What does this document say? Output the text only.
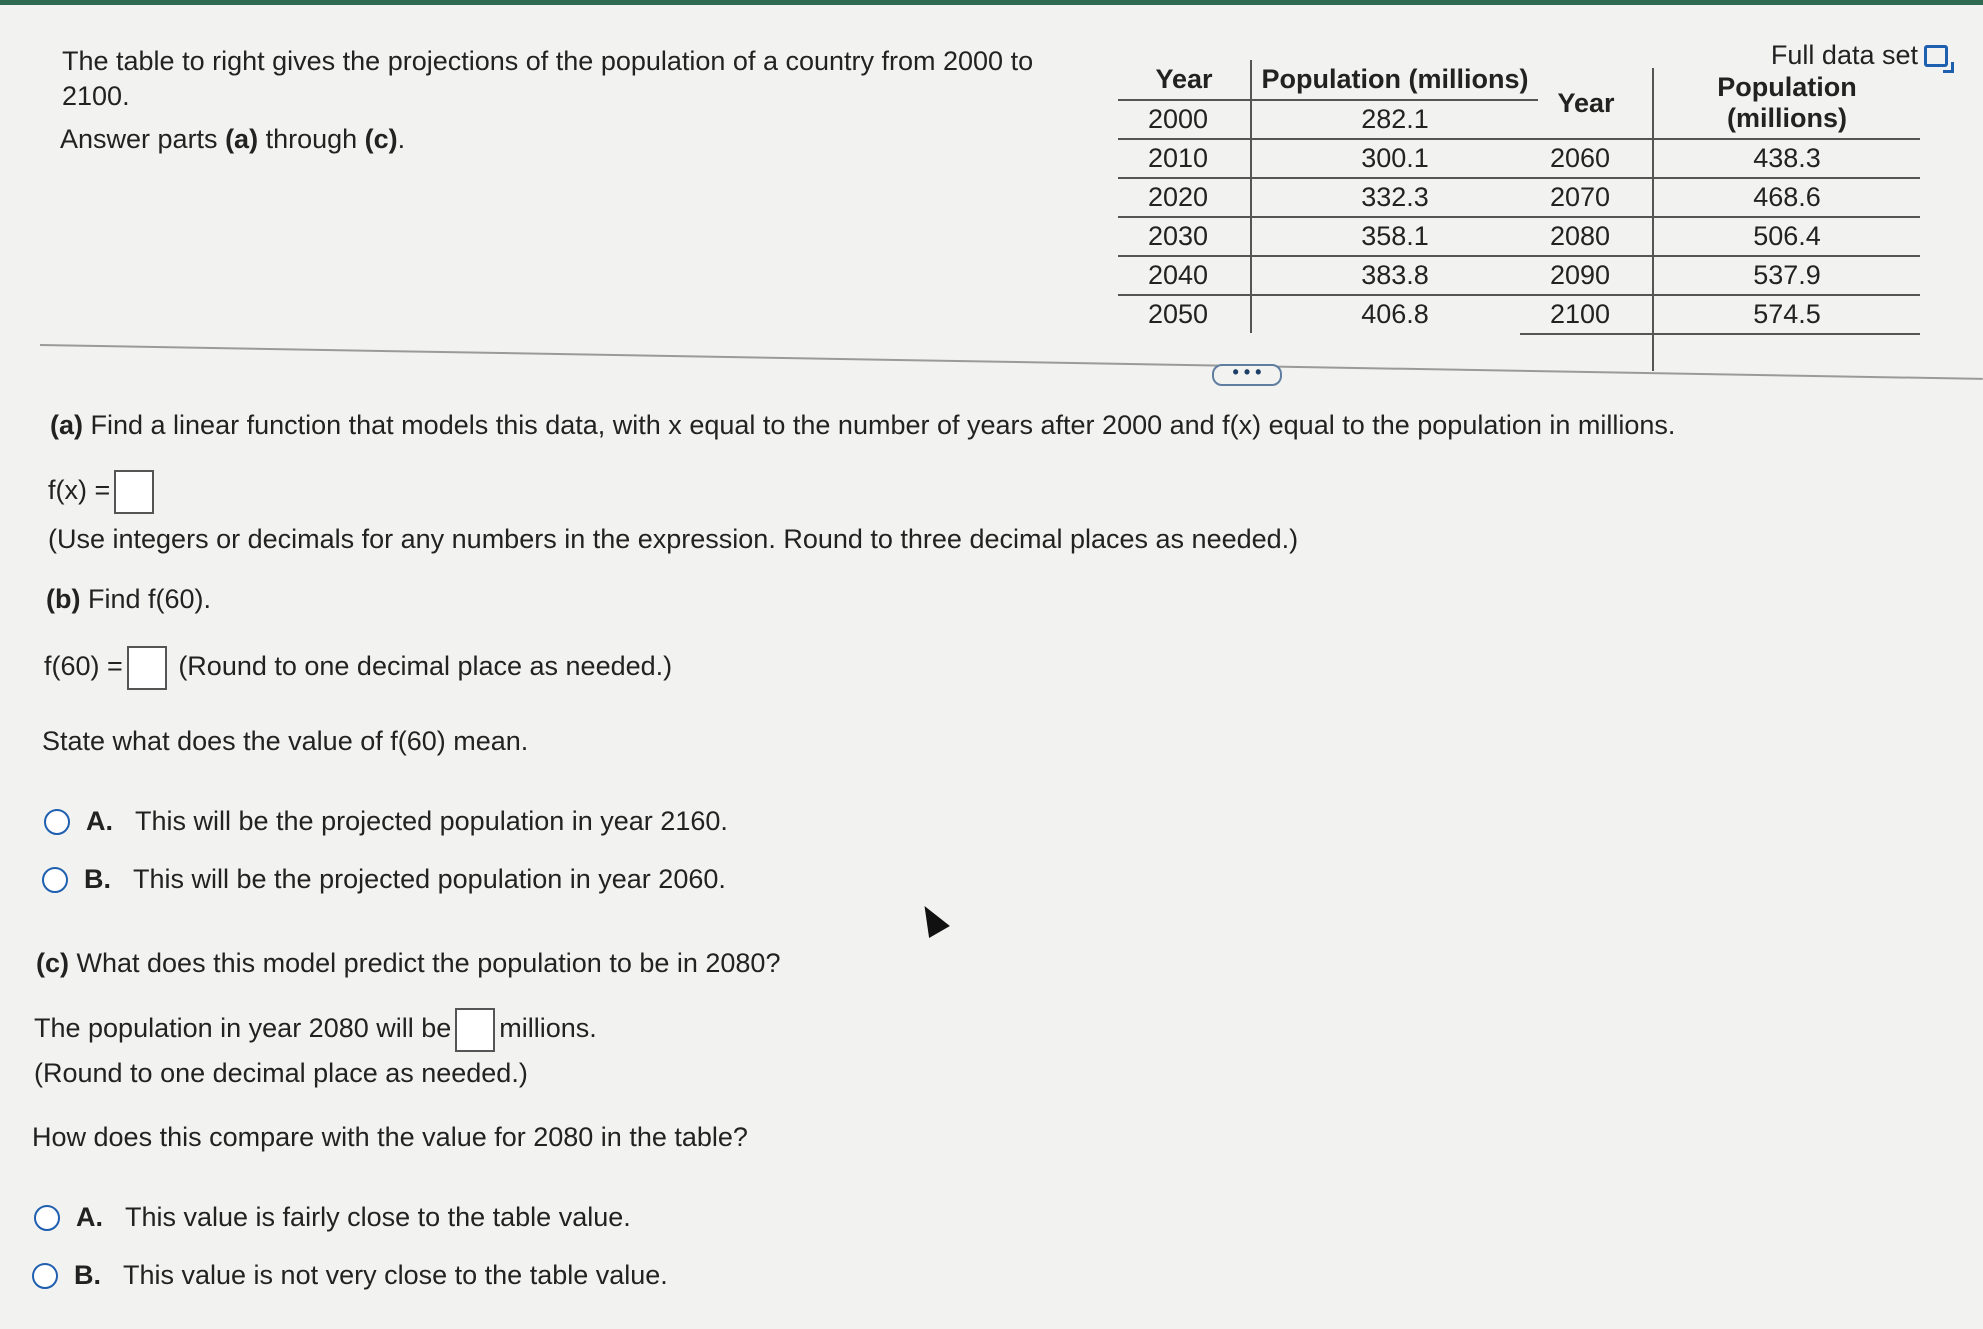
The table to right gives the projections of the population of a country from 2000 to 2100.
Answer parts (a) through (c).
Full data set
Year	Population (millions)
2000	282.1
2010	300.1
2020	332.3
2030	358.1
2040	383.8
2050	406.8
Year	Population (millions)
2060	438.3
2070	468.6
2080	506.4
2090	537.9
2100	574.5

• • •
(a) Find a linear function that models this data, with x equal to the number of years after 2000 and f(x) equal to the population in millions.
f(x) =
(Use integers or decimals for any numbers in the expression. Round to three decimal places as needed.)
(b) Find f(60).
f(60) = (Round to one decimal place as needed.)
State what does the value of f(60) mean.
A. This will be the projected population in year 2160.
B. This will be the projected population in year 2060.
(c) What does this model predict the population to be in 2080?
The population in year 2080 will be millions.
(Round to one decimal place as needed.)
How does this compare with the value for 2080 in the table?
A. This value is fairly close to the table value.
B. This value is not very close to the table value.
